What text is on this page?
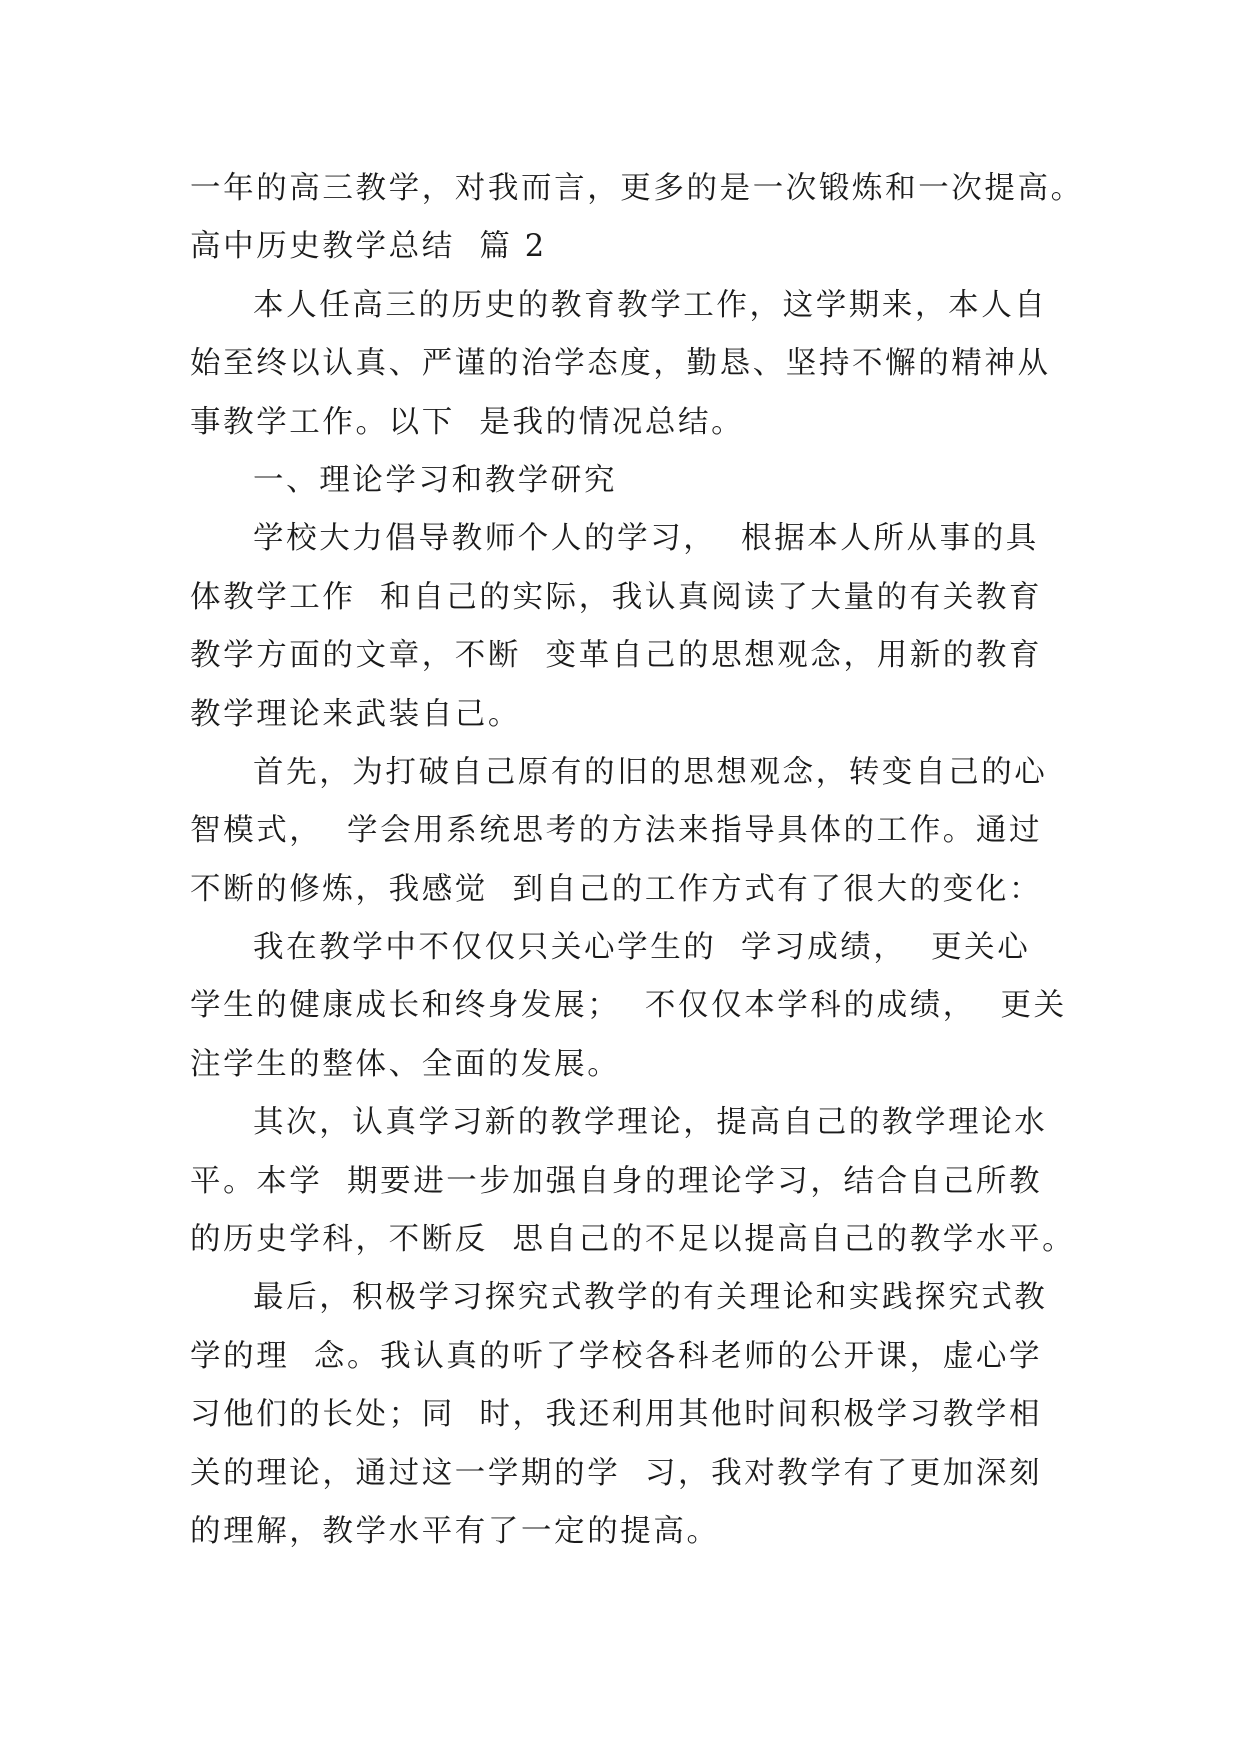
一年的高三教学，对我而言，更多的是一次锻炼和一次提高。
高中历史教学总结  篇 2
本人任高三的历史的教育教学工作，这学期来，本人自
始至终以认真、严谨的治学态度，勤恳、坚持不懈的精神从
事教学工作。以下  是我的情况总结。
一、理论学习和教学研究
学校大力倡导教师个人的学习，  根据本人所从事的具
体教学工作  和自己的实际，我认真阅读了大量的有关教育
教学方面的文章，不断  变革自己的思想观念，用新的教育
教学理论来武装自己。
首先，为打破自己原有的旧的思想观念，转变自己的心
智模式，  学会用系统思考的方法来指导具体的工作。通过
不断的修炼，我感觉  到自己的工作方式有了很大的变化：
我在教学中不仅仅只关心学生的  学习成绩，  更关心
学生的健康成长和终身发展；  不仅仅本学科的成绩，  更关
注学生的整体、全面的发展。
其次，认真学习新的教学理论，提高自己的教学理论水
平。本学  期要进一步加强自身的理论学习，结合自己所教
的历史学科，不断反  思自己的不足以提高自己的教学水平。
最后，积极学习探究式教学的有关理论和实践探究式教
学的理  念。我认真的听了学校各科老师的公开课，虚心学
习他们的长处；同  时，我还利用其他时间积极学习教学相
关的理论，通过这一学期的学  习，我对教学有了更加深刻
的理解，教学水平有了一定的提高。
